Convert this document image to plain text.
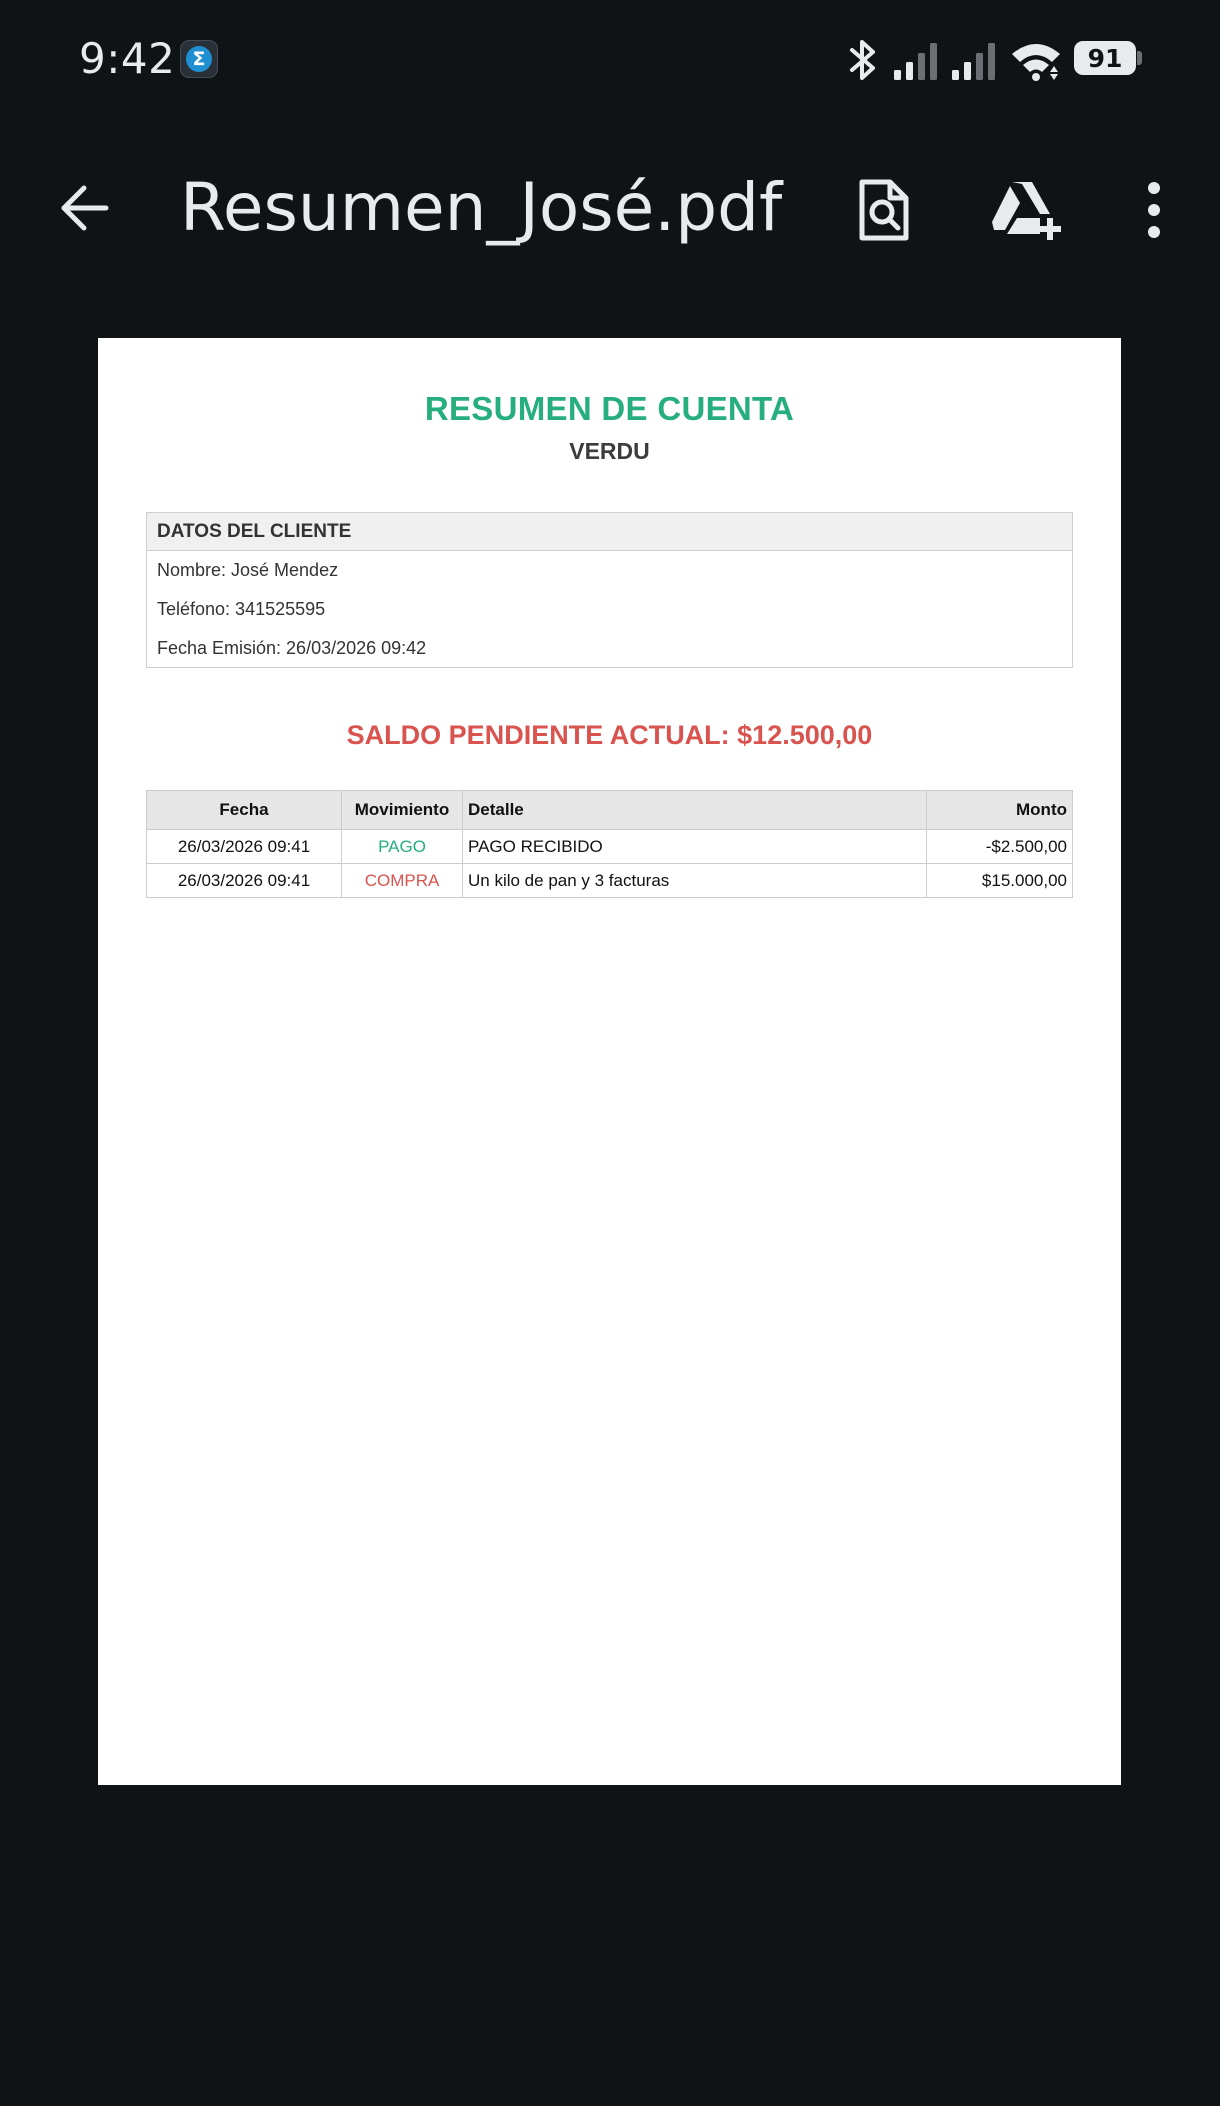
9:42 Σ	91
Resumen_José.pdf
RESUMEN DE CUENTA
VERDU
DATOS DEL CLIENTE
Nombre: José Mendez
Teléfono: 341525595
Fecha Emisión: 26/03/2026 09:42
SALDO PENDIENTE ACTUAL: $12.500,00
Fecha	Movimiento	Detalle	Monto
26/03/2026 09:41	PAGO	PAGO RECIBIDO	-$2.500,00
26/03/2026 09:41	COMPRA	Un kilo de pan y 3 facturas	$15.000,00
